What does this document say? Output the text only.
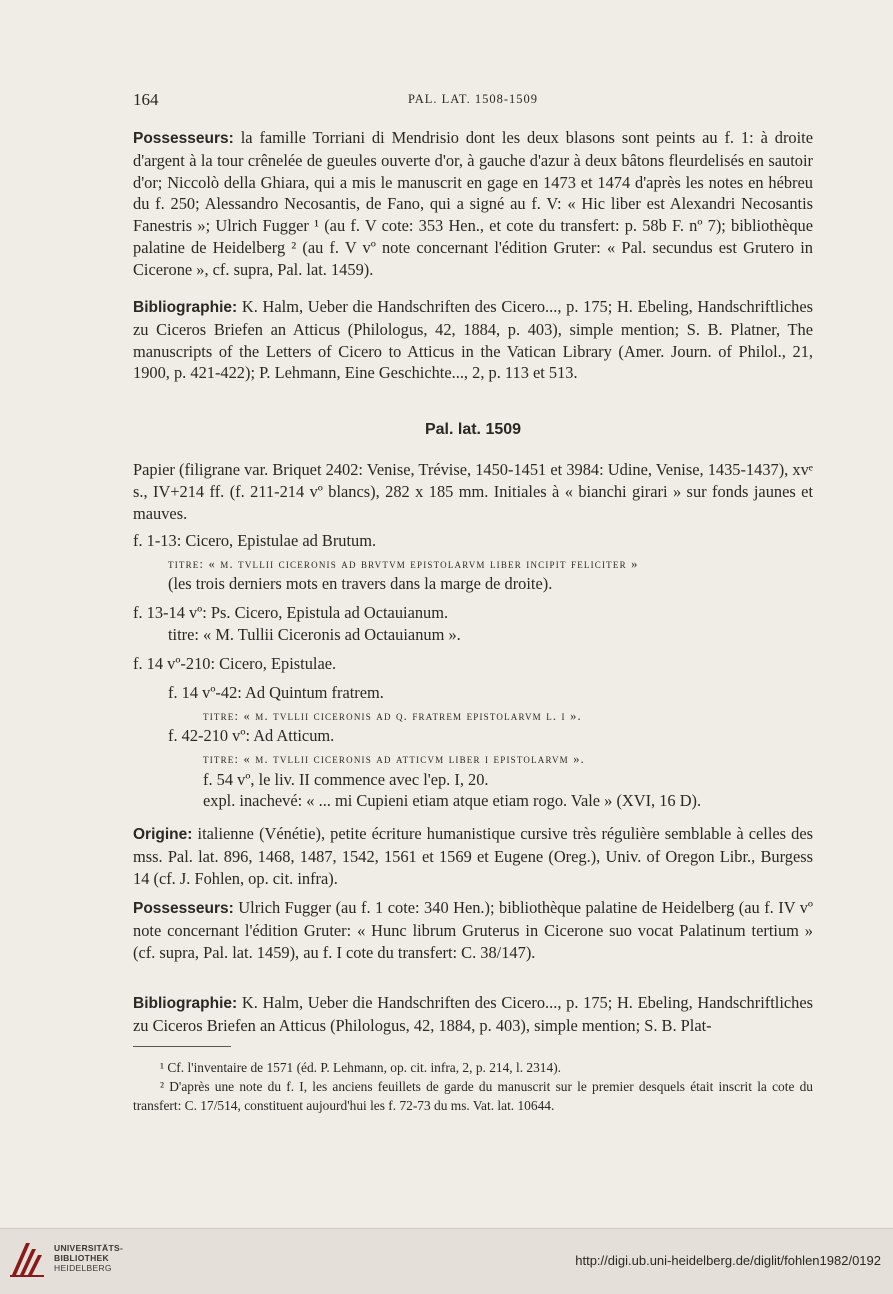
164	PAL. LAT. 1508-1509
Possesseurs: la famille Torriani di Mendrisio dont les deux blasons sont peints au f. 1: à droite d'argent à la tour crênelée de gueules ouverte d'or, à gauche d'azur à deux bâtons fleurdelisés en sautoir d'or; Niccolò della Ghiara, qui a mis le manuscrit en gage en 1473 et 1474 d'après les notes en hébreu du f. 250; Alessandro Necosantis, de Fano, qui a signé au f. V: « Hic liber est Alexandri Necosantis Fanestris »; Ulrich Fugger ¹ (au f. V cote: 353 Hen., et cote du transfert: p. 58b F. nº 7); bibliothèque palatine de Heidelberg ² (au f. V vº note concernant l'édition Gruter: « Pal. secundus est Grutero in Cicerone », cf. supra, Pal. lat. 1459).
Bibliographie: K. Halm, Ueber die Handschriften des Cicero..., p. 175; H. Ebeling, Handschriftliches zu Ciceros Briefen an Atticus (Philologus, 42, 1884, p. 403), simple mention; S. B. Platner, The manuscripts of the Letters of Cicero to Atticus in the Vatican Library (Amer. Journ. of Philol., 21, 1900, p. 421-422); P. Lehmann, Eine Geschichte..., 2, p. 113 et 513.
Pal. lat. 1509
Papier (filigrane var. Briquet 2402: Venise, Trévise, 1450-1451 et 3984: Udine, Venise, 1435-1437), xvᵉ s., IV+214 ff. (f. 211-214 vº blancs), 282 x 185 mm. Initiales à « bianchi girari » sur fonds jaunes et mauves.
f. 1-13: Cicero, Epistulae ad Brutum.
titre: « m. tvllii ciceronis ad brvtvm epistolarvm liber incipit feliciter »
(les trois derniers mots en travers dans la marge de droite).
f. 13-14 vº: Ps. Cicero, Epistula ad Octauianum.
titre: « M. Tullii Ciceronis ad Octauianum ».
f. 14 vº-210: Cicero, Epistulae.
f. 14 vº-42: Ad Quintum fratrem.
titre: « m. tvllii ciceronis ad q. fratrem epistolarvm l. i ».
f. 42-210 vº: Ad Atticum.
titre: « m. tvllii ciceronis ad atticvm liber i epistolarvm ».
f. 54 vº, le liv. II commence avec l'ep. I, 20.
expl. inachevé: « ... mi Cupieni etiam atque etiam rogo. Vale » (XVI, 16 D).
Origine: italienne (Vénétie), petite écriture humanistique cursive très régulière semblable à celles des mss. Pal. lat. 896, 1468, 1487, 1542, 1561 et 1569 et Eugene (Oreg.), Univ. of Oregon Libr., Burgess 14 (cf. J. Fohlen, op. cit. infra).
Possesseurs: Ulrich Fugger (au f. 1 cote: 340 Hen.); bibliothèque palatine de Heidelberg (au f. IV vº note concernant l'édition Gruter: « Hunc librum Gruterus in Cicerone suo vocat Palatinum tertium » (cf. supra, Pal. lat. 1459), au f. I cote du transfert: C. 38/147).
Bibliographie: K. Halm, Ueber die Handschriften des Cicero..., p. 175; H. Ebeling, Handschriftliches zu Ciceros Briefen an Atticus (Philologus, 42, 1884, p. 403), simple mention; S. B. Plat-
¹ Cf. l'inventaire de 1571 (éd. P. Lehmann, op. cit. infra, 2, p. 214, l. 2314).
² D'après une note du f. I, les anciens feuillets de garde du manuscrit sur le premier desquels était inscrit la cote du transfert: C. 17/514, constituent aujourd'hui les f. 72-73 du ms. Vat. lat. 10644.
UNIVERSITÄTS-
BIBLIOTHEK
HEIDELBERG	http://digi.ub.uni-heidelberg.de/diglit/fohlen1982/0192
